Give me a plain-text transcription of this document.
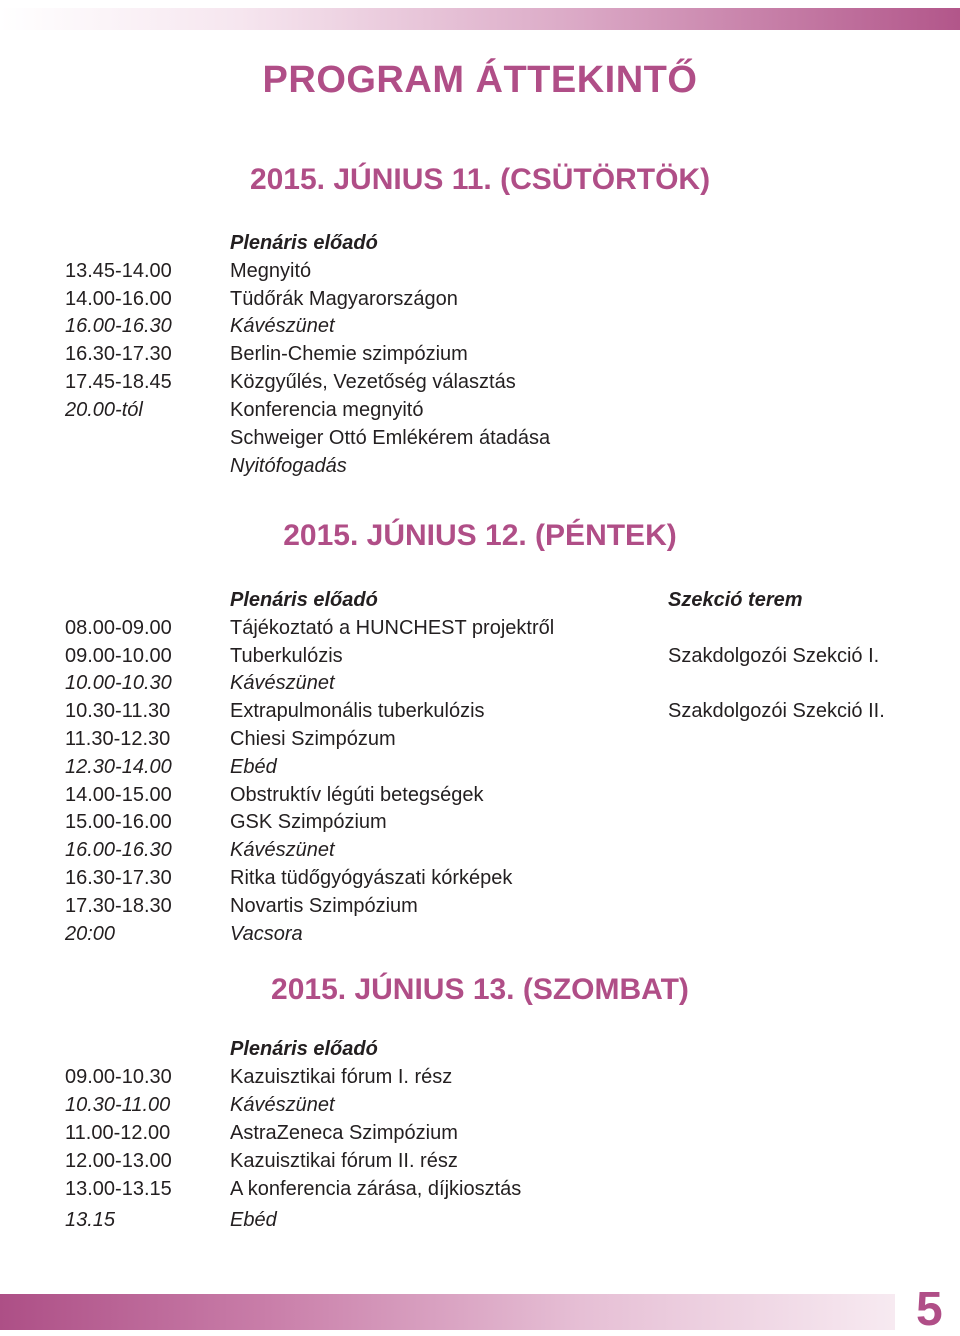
PROGRAM ÁTTEKINTŐ
2015. JÚNIUS 11. (CSÜTÖRTÖK)
Plenáris előadó
13.45-14.00	Megnyitó
14.00-16.00	Tüdőrák Magyarországon
16.00-16.30	Kávészünet
16.30-17.30	Berlin-Chemie szimpózium
17.45-18.45	Közgyűlés, Vezetőség választás
20.00-tól	Konferencia megnyitó
Schweiger Ottó Emlékérem átadása
Nyitófogadás
2015. JÚNIUS 12. (PÉNTEK)
Plenáris előadó	Szekció terem
08.00-09.00	Tájékoztató a HUNCHEST projektről
09.00-10.00	Tuberkulózis	Szakdolgozói Szekció I.
10.00-10.30	Kávészünet
10.30-11.30	Extrapulmonális tuberkulózis	Szakdolgozói Szekció II.
11.30-12.30	Chiesi Szimpózum
12.30-14.00	Ebéd
14.00-15.00	Obstruktív légúti betegségek
15.00-16.00	GSK Szimpózium
16.00-16.30	Kávészünet
16.30-17.30	Ritka tüdőgyógyászati kórképek
17.30-18.30	Novartis Szimpózium
20:00	Vacsora
2015. JÚNIUS 13. (SZOMBAT)
Plenáris előadó
09.00-10.30	Kazuisztikai fórum I. rész
10.30-11.00	Kávészünet
11.00-12.00	AstraZeneca Szimpózium
12.00-13.00	Kazuisztikai fórum II. rész
13.00-13.15	A konferencia zárása, díjkiosztás
13.15	Ebéd
5
